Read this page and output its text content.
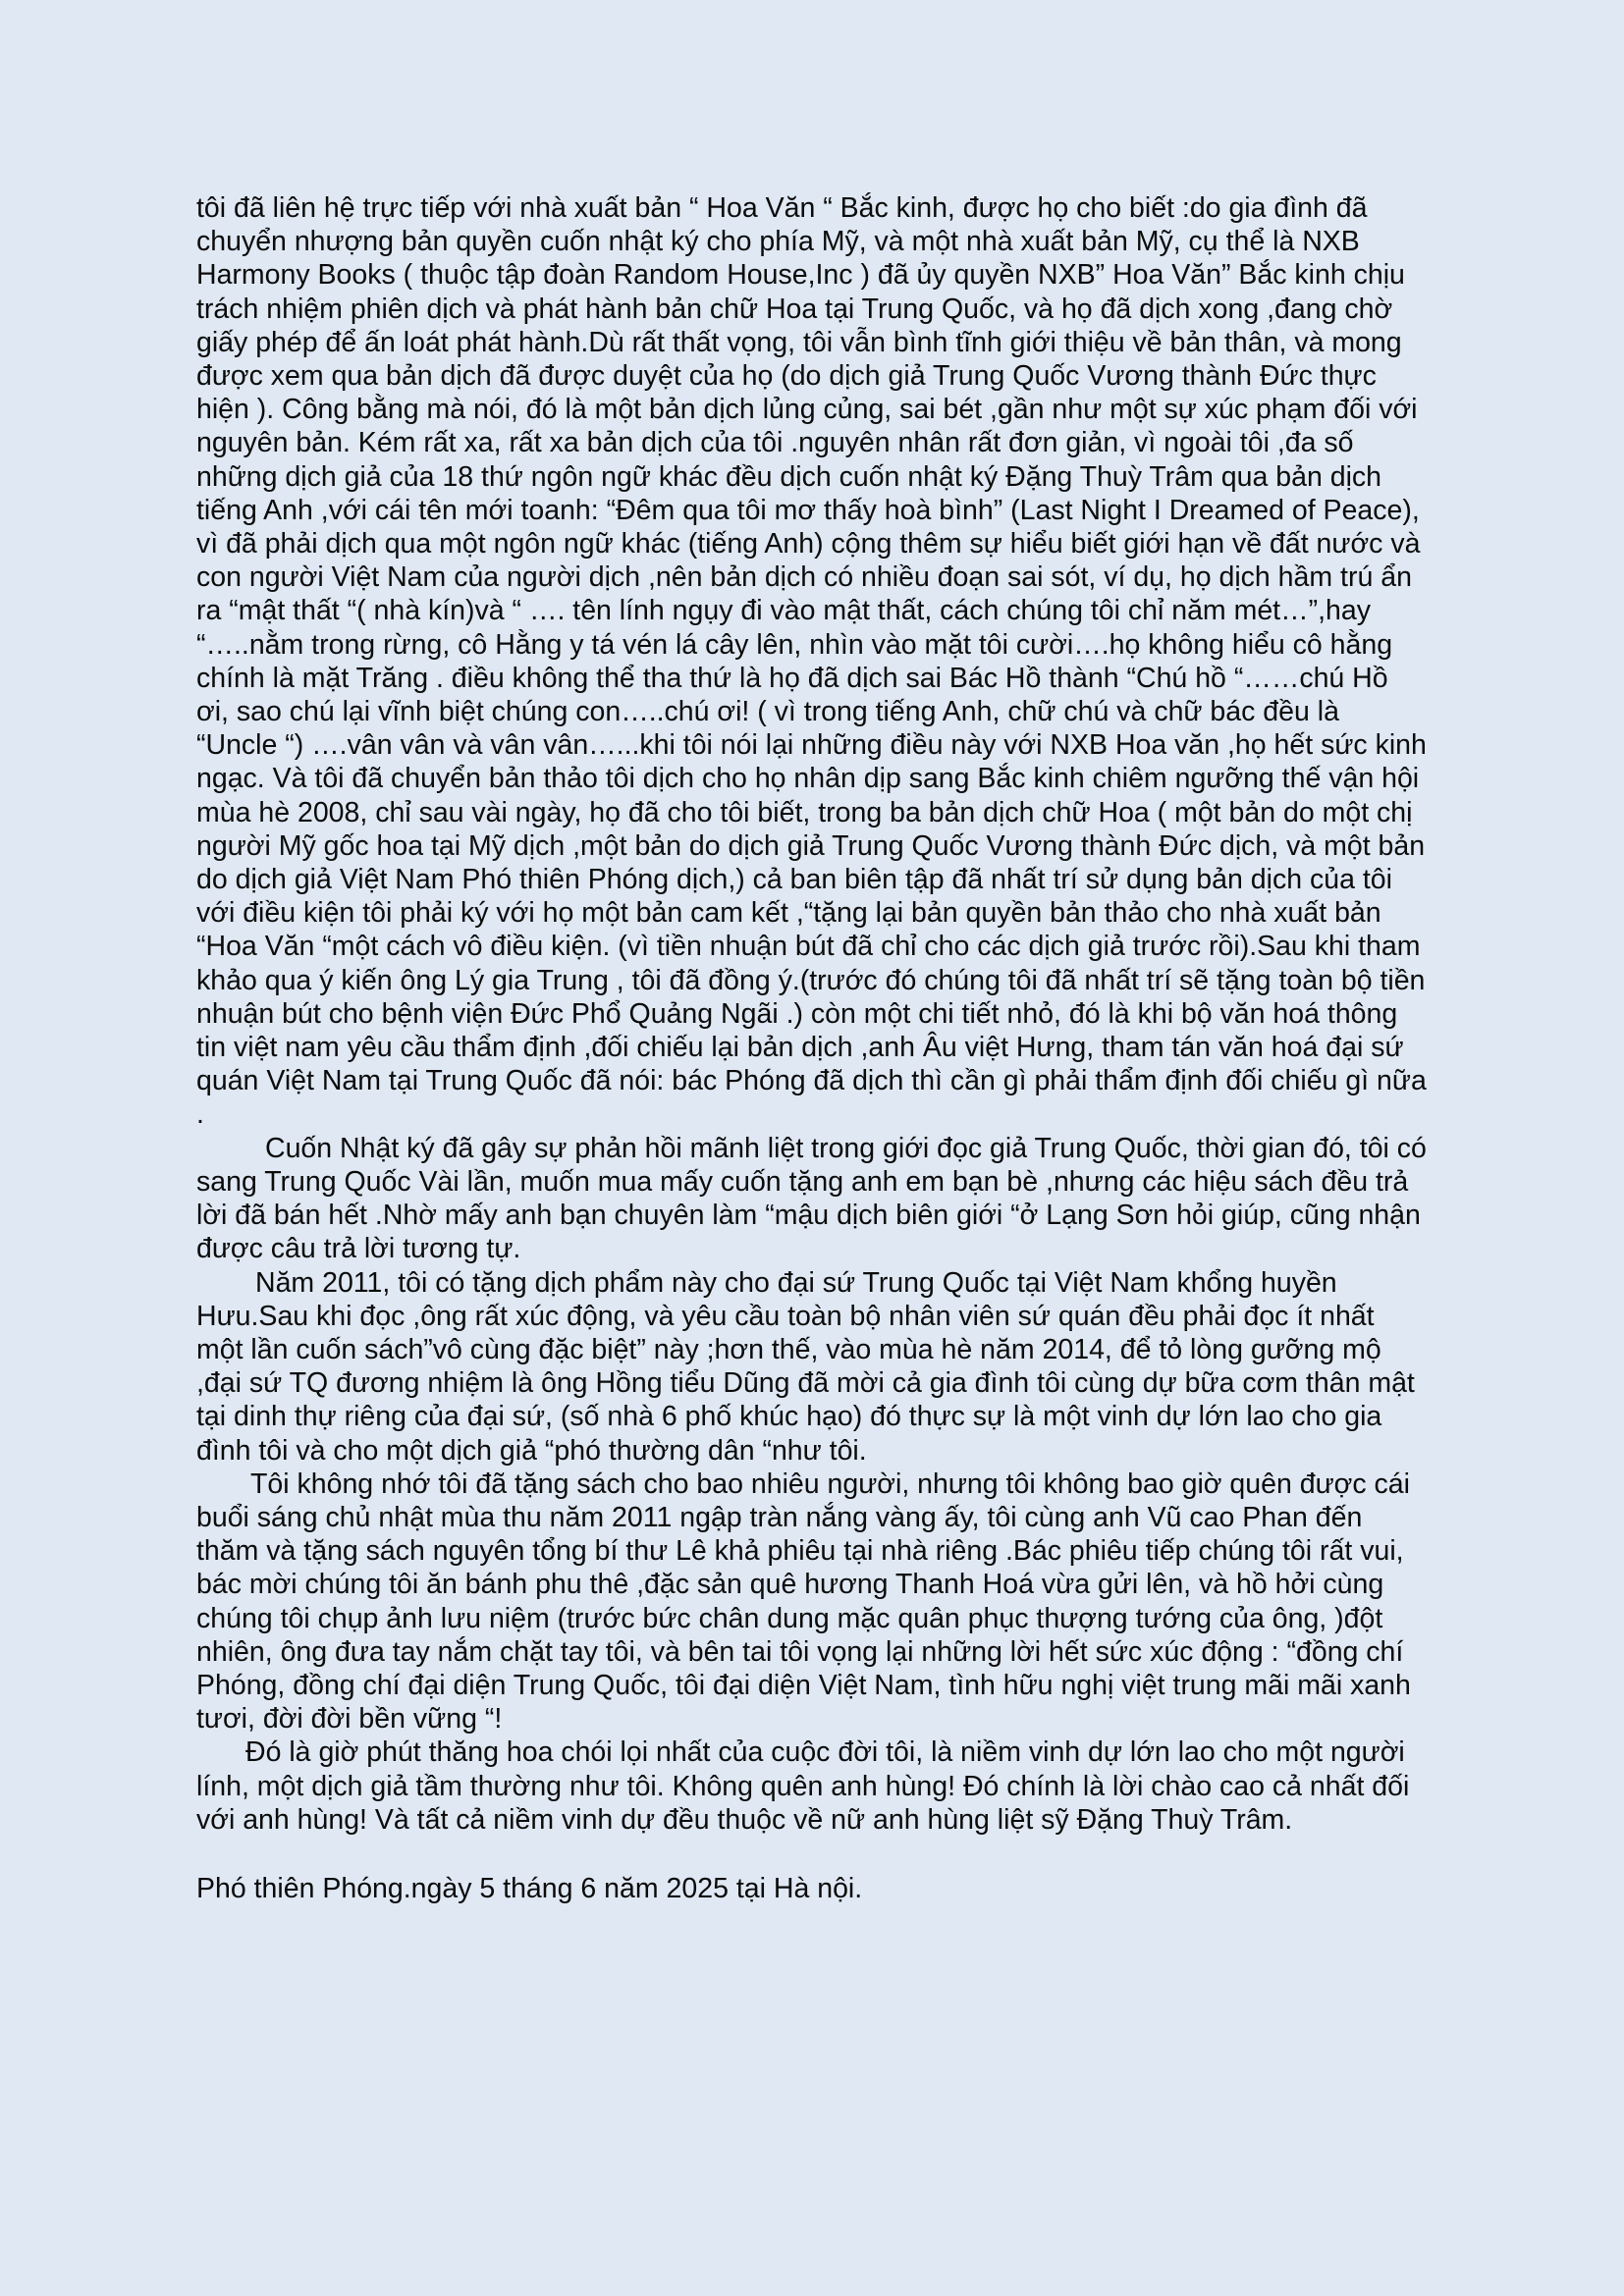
tôi đã liên hệ trực tiếp với nhà xuất bản “ Hoa Văn “ Bắc kinh, được họ cho biết :do gia đình đã chuyển nhượng bản quyền cuốn nhật ký cho phía Mỹ, và một nhà xuất bản Mỹ, cụ thể là NXB Harmony Books ( thuộc tập đoàn Random House,Inc ) đã ủy quyền NXB” Hoa Văn” Bắc kinh chịu trách nhiệm phiên dịch và phát hành bản chữ Hoa tại Trung Quốc, và họ đã dịch xong ,đang chờ giấy phép để ấn loát phát hành.Dù rất thất vọng, tôi vẫn bình tĩnh giới thiệu về bản thân, và mong được xem qua bản dịch đã được duyệt của họ (do dịch giả Trung Quốc Vương thành Đức thực hiện ). Công bằng mà nói, đó là một bản dịch lủng củng, sai bét ,gần như một sự xúc phạm đối với nguyên bản. Kém rất xa, rất xa bản dịch của tôi .nguyên nhân rất đơn giản, vì ngoài tôi ,đa số những dịch giả của 18 thứ ngôn ngữ khác đều dịch cuốn nhật ký Đặng Thuỳ Trâm qua bản dịch tiếng Anh ,với cái tên mới toanh: “Đêm qua tôi mơ thấy hoà bình” (Last Night I Dreamed of Peace), vì đã phải dịch qua một ngôn ngữ khác (tiếng Anh) cộng thêm sự hiểu biết giới hạn về đất nước và con người Việt Nam của người dịch ,nên bản dịch có nhiều đoạn sai sót, ví dụ, họ dịch hầm trú ẩn ra “mật thất “( nhà kín)và “ …. tên lính ngụy đi vào mật thất, cách chúng tôi chỉ năm mét…”,hay “…..nằm trong rừng, cô Hằng y tá vén lá cây lên, nhìn vào mặt tôi cười….họ không hiểu cô hằng chính là mặt Trăng . điều không thể tha thứ là họ đã dịch sai Bác Hồ thành “Chú hồ “……chú Hồ ơi, sao chú lại vĩnh biệt chúng con…..chú ơi! ( vì trong tiếng Anh, chữ chú và chữ bác đều là “Uncle “) ….vân vân và vân vân…...khi tôi nói lại những điều này với NXB Hoa văn ,họ hết sức kinh ngạc. Và tôi đã chuyển bản thảo tôi dịch cho họ nhân dịp sang Bắc kinh chiêm ngưỡng thế vận hội mùa hè 2008, chỉ sau vài ngày, họ đã cho tôi biết, trong ba bản dịch chữ Hoa ( một bản do một chị người Mỹ gốc hoa tại Mỹ dịch ,một bản do dịch giả Trung Quốc Vương thành Đức dịch, và một bản do dịch giả Việt Nam Phó thiên Phóng dịch,) cả ban biên tập đã nhất trí sử dụng bản dịch của tôi với điều kiện tôi phải ký với họ một bản cam kết ,“tặng lại bản quyền bản thảo cho nhà xuất bản “Hoa Văn “một cách vô điều kiện. (vì tiền nhuận bút đã chỉ cho các dịch giả trước rồi).Sau khi tham khảo qua ý kiến ông Lý gia Trung , tôi đã đồng ý.(trước đó chúng tôi đã nhất trí sẽ tặng toàn bộ tiền nhuận bút cho bệnh viện Đức Phổ Quảng Ngãi .) còn một chi tiết nhỏ, đó là khi bộ văn hoá thông tin việt nam yêu cầu thẩm định ,đối chiếu lại bản dịch ,anh Âu việt Hưng, tham tán văn hoá đại sứ quán Việt Nam tại Trung Quốc đã nói: bác Phóng đã dịch thì cần gì phải thẩm định đối chiếu gì nữa .

Cuốn Nhật ký đã gây sự phản hồi mãnh liệt trong giới đọc giả Trung Quốc, thời gian đó, tôi có sang Trung Quốc Vài lần, muốn mua mấy cuốn tặng anh em bạn bè ,nhưng các hiệu sách đều trả lời đã bán hết .Nhờ mấy anh bạn chuyên làm “mậu dịch biên giới “ở Lạng Sơn hỏi giúp, cũng nhận được câu trả lời tương tự.

Năm 2011, tôi có tặng dịch phẩm này cho đại sứ Trung Quốc tại Việt Nam khổng huyền Hưu.Sau khi đọc ,ông rất xúc động, và yêu cầu toàn bộ nhân viên sứ quán đều phải đọc ít nhất một lần cuốn sách”vô cùng đặc biệt” này ;hơn thế, vào mùa hè năm 2014, để tỏ lòng gưỡng mộ ,đại sứ TQ đương nhiệm là ông Hồng tiểu Dũng đã mời cả gia đình tôi cùng dự bữa cơm thân mật tại dinh thự riêng của đại sứ, (số nhà 6 phố khúc hạo) đó thực sự là một vinh dự lớn lao cho gia đình tôi và cho một dịch giả “phó thường dân “như tôi.

Tôi không nhớ tôi đã tặng sách cho bao nhiêu người, nhưng tôi không bao giờ quên được cái buổi sáng chủ nhật mùa thu năm 2011 ngập tràn nắng vàng ấy, tôi cùng anh Vũ cao Phan đến thăm và tặng sách nguyên tổng bí thư Lê khả phiêu tại nhà riêng .Bác phiêu tiếp chúng tôi rất vui, bác mời chúng tôi ăn bánh phu thê ,đặc sản quê hương Thanh Hoá vừa gửi lên, và hồ hởi cùng chúng tôi chụp ảnh lưu niệm (trước bức chân dung mặc quân phục thượng tướng của ông, )đột nhiên, ông đưa tay nắm chặt tay tôi, và bên tai tôi vọng lại những lời hết sức xúc động : “đồng chí Phóng, đồng chí đại diện Trung Quốc, tôi đại diện Việt Nam, tình hữu nghị việt trung mãi mãi xanh tươi, đời đời bền vững “!

Đó là giờ phút thăng hoa chói lọi nhất của cuộc đời tôi, là niềm vinh dự lớn lao cho một người lính, một dịch giả tầm thường như tôi. Không quên anh hùng! Đó chính là lời chào cao cả nhất đối với anh hùng! Và tất cả niềm vinh dự đều thuộc về nữ anh hùng liệt sỹ Đặng Thuỳ Trâm.

Phó thiên Phóng.ngày 5 tháng 6 năm 2025 tại Hà nội.
